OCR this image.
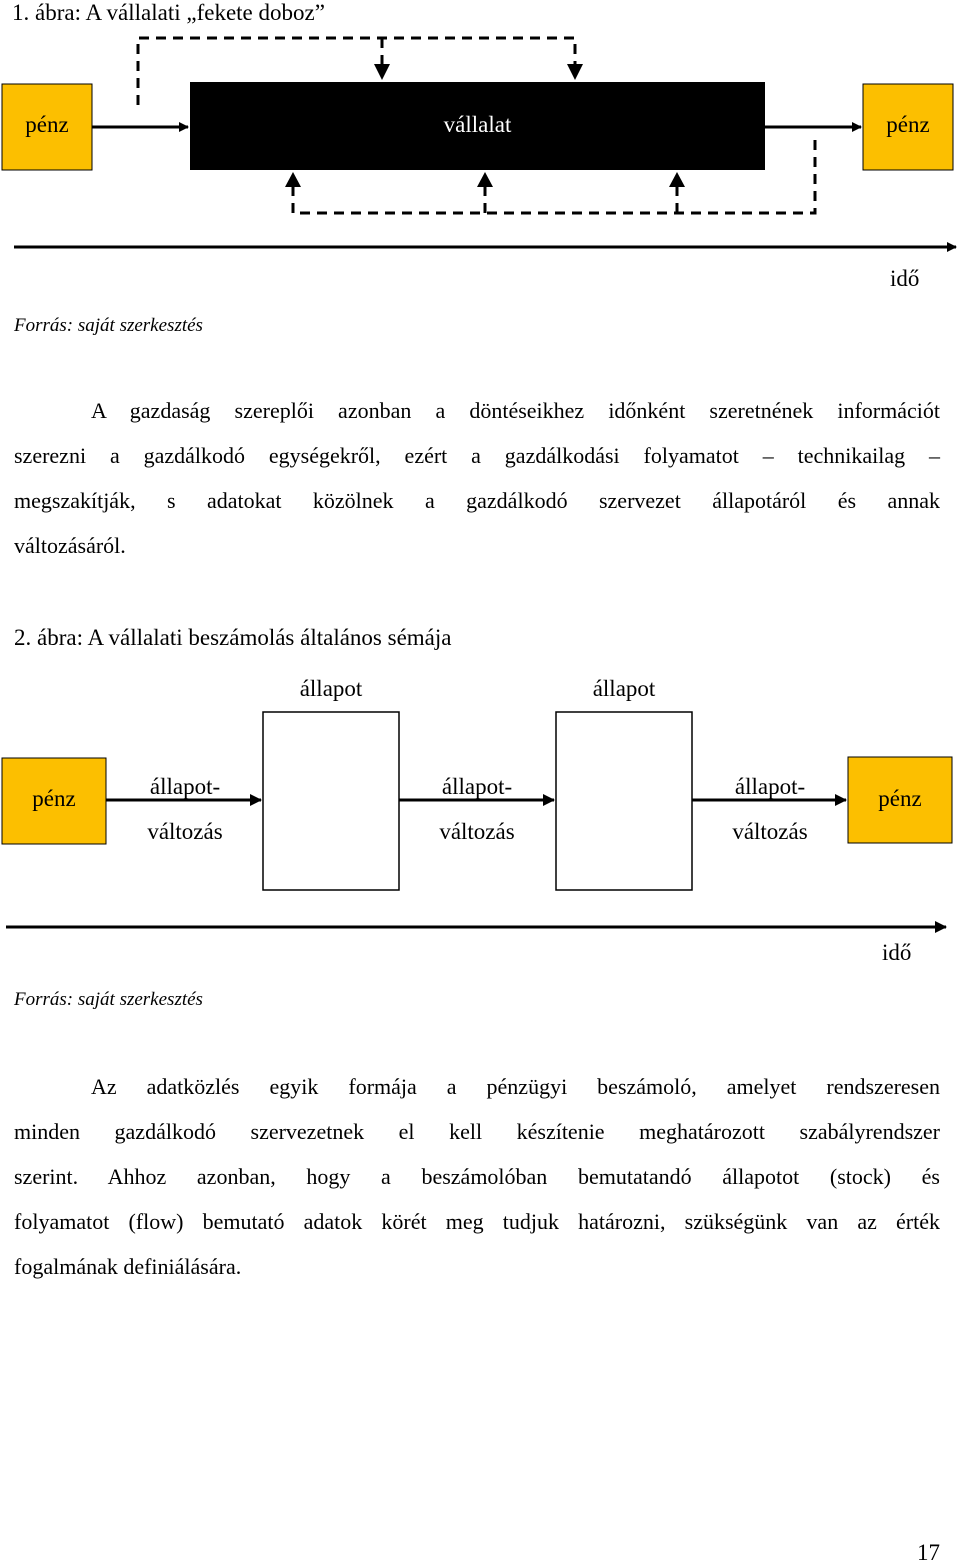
1. ábra: A vállalati „fekete doboz”
pénz	vállalat	pénz
idő
Forrás: saját szerkesztés
A gazdaság szereplői azonban a döntéseikhez időnként szeretnének információt
szerezni a gazdálkodó egységekről, ezért a gazdálkodási folyamatot – technikailag –
megszakítják, s adatokat közölnek a gazdálkodó szervezet állapotáról és annak
változásáról.
2. ábra: A vállalati beszámolás általános sémája
állapot	állapot
pénz	pénz
állapot-
változás
állapot-
változás
állapot-
változás
idő
Forrás: saját szerkesztés
Az adatközlés egyik formája a pénzügyi beszámoló, amelyet rendszeresen
minden gazdálkodó szervezetnek el kell készítenie meghatározott szabályrendszer
szerint. Ahhoz azonban, hogy a beszámolóban bemutatandó állapotot (stock) és
folyamatot (flow) bemutató adatok körét meg tudjuk határozni, szükségünk van az érték
fogalmának definiálására.
17
